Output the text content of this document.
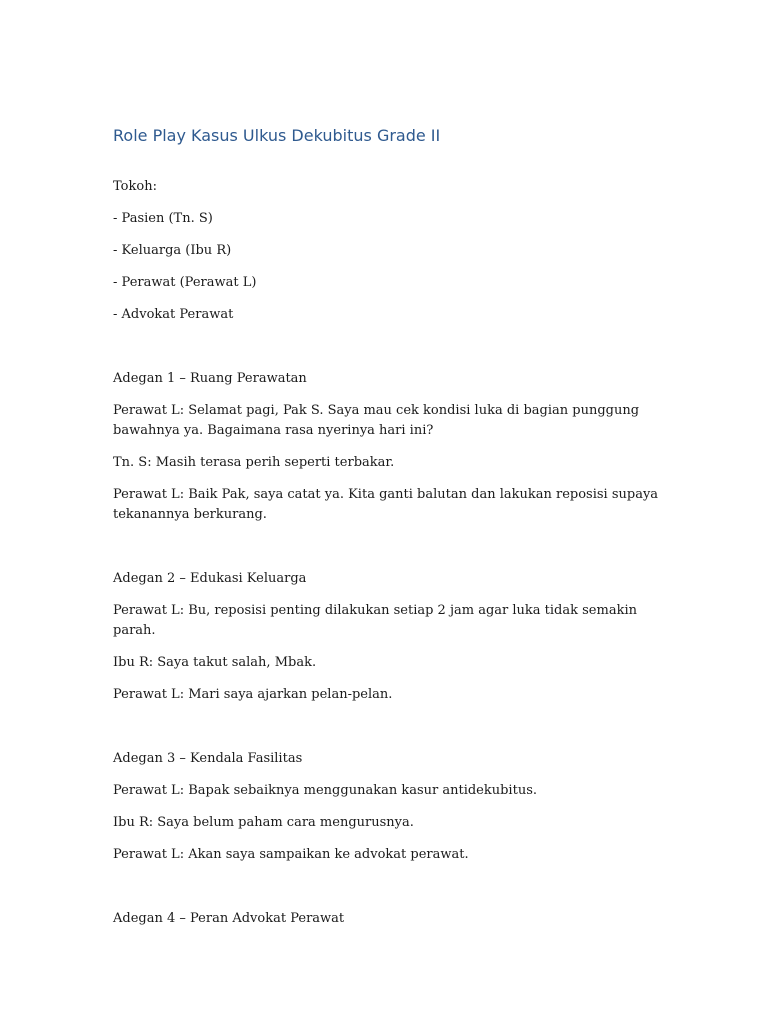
Role Play Kasus Ulkus Dekubitus Grade II

Tokoh:

- Pasien (Tn. S)

- Keluarga (Ibu R)

- Perawat (Perawat L)

- Advokat Perawat

Adegan 1 – Ruang Perawatan

Perawat L: Selamat pagi, Pak S. Saya mau cek kondisi luka di bagian punggung bawahnya ya. Bagaimana rasa nyerinya hari ini?

Tn. S: Masih terasa perih seperti terbakar.

Perawat L: Baik Pak, saya catat ya. Kita ganti balutan dan lakukan reposisi supaya tekanannya berkurang.

Adegan 2 – Edukasi Keluarga

Perawat L: Bu, reposisi penting dilakukan setiap 2 jam agar luka tidak semakin parah.

Ibu R: Saya takut salah, Mbak.

Perawat L: Mari saya ajarkan pelan-pelan.

Adegan 3 – Kendala Fasilitas

Perawat L: Bapak sebaiknya menggunakan kasur antidekubitus.

Ibu R: Saya belum paham cara mengurusnya.

Perawat L: Akan saya sampaikan ke advokat perawat.

Adegan 4 – Peran Advokat Perawat
